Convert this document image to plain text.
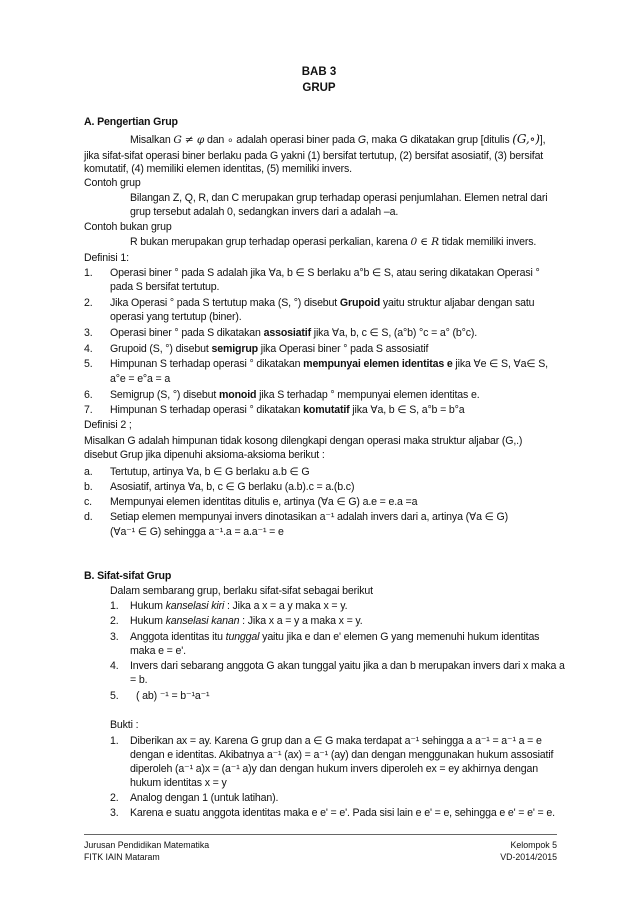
BAB 3
GRUP
A. Pengertian Grup
Misalkan G ≠ φ dan ∘ adalah operasi biner pada G, maka G dikatakan grup [ditulis (G,∘)],
jika sifat-sifat operasi biner berlaku pada G yakni (1) bersifat tertutup, (2) bersifat asosiatif, (3) bersifat
komutatif, (4) memiliki elemen identitas, (5) memiliki invers.
Contoh grup
Bilangan Z, Q, R, dan C merupakan grup terhadap operasi penjumlahan. Elemen netral dari
grup tersebut adalah 0, sedangkan invers dari a adalah –a.
Contoh bukan grup
R bukan merupakan grup terhadap operasi perkalian, karena 0 ∈ R tidak memiliki invers.
Definisi 1:
1. Operasi biner ° pada S adalah jika ∀a, b ∈ S berlaku a°b ∈ S, atau sering dikatakan Operasi °
pada S bersifat tertutup.
2. Jika Operasi ° pada S tertutup maka (S, °) disebut Grupoid yaitu struktur aljabar dengan satu
operasi yang tertutup (biner).
3. Operasi biner ° pada S dikatakan assosiatif jika ∀a, b, c ∈ S, (a°b) °c = a° (b°c).
4. Grupoid (S, °) disebut semigrup jika Operasi biner ° pada S assosiatif
5. Himpunan S terhadap operasi ° dikatakan mempunyai elemen identitas e jika ∀e ∈ S, ∀a∈ S,
a°e = e°a = a
6. Semigrup (S, °) disebut monoid jika S terhadap ° mempunyai elemen identitas e.
7. Himpunan S terhadap operasi ° dikatakan komutatif jika ∀a, b ∈ S, a°b = b°a
Definisi 2 ;
Misalkan G adalah himpunan tidak kosong dilengkapi dengan operasi maka struktur aljabar (G,.)
disebut Grup jika dipenuhi aksioma-aksioma berikut :
a. Tertutup, artinya ∀a, b ∈ G berlaku a.b ∈ G
b. Asosiatif, artinya ∀a, b, c ∈ G berlaku (a.b).c = a.(b.c)
c. Mempunyai elemen identitas ditulis e, artinya (∀a ∈ G) a.e = e.a =a
d. Setiap elemen mempunyai invers dinotasikan a⁻¹ adalah invers dari a, artinya (∀a ∈ G)
(∀a⁻¹ ∈ G) sehingga a⁻¹.a = a.a⁻¹ = e
B. Sifat-sifat Grup
Dalam sembarang grup, berlaku sifat-sifat sebagai berikut
1. Hukum kanselasi kiri : Jika a x = a y maka x = y.
2. Hukum kanselasi kanan : Jika x a = y a maka x = y.
3. Anggota identitas itu tunggal yaitu jika e dan e' elemen G yang memenuhi hukum identitas
maka e = e'.
4. Invers dari sebarang anggota G akan tunggal yaitu jika a dan b merupakan invers dari x maka a
= b.
5. ( ab) ⁻¹ = b⁻¹a⁻¹
Bukti :
1. Diberikan ax = ay. Karena G grup dan a ∈ G maka terdapat a⁻¹ sehingga a a⁻¹ = a⁻¹ a = e
dengan e identitas. Akibatnya a⁻¹ (ax) = a⁻¹ (ay) dan dengan menggunakan hukum assosiatif
diperoleh (a⁻¹ a)x = (a⁻¹ a)y dan dengan hukum invers diperoleh ex = ey akhirnya dengan
hukum identitas x = y
2. Analog dengan 1 (untuk latihan).
3. Karena e suatu anggota identitas maka e e' = e'. Pada sisi lain e e' = e, sehingga e e' = e' = e.
Jurusan Pendidikan Matematika
FITK IAIN Mataram
Kelompok 5
VD-2014/2015
